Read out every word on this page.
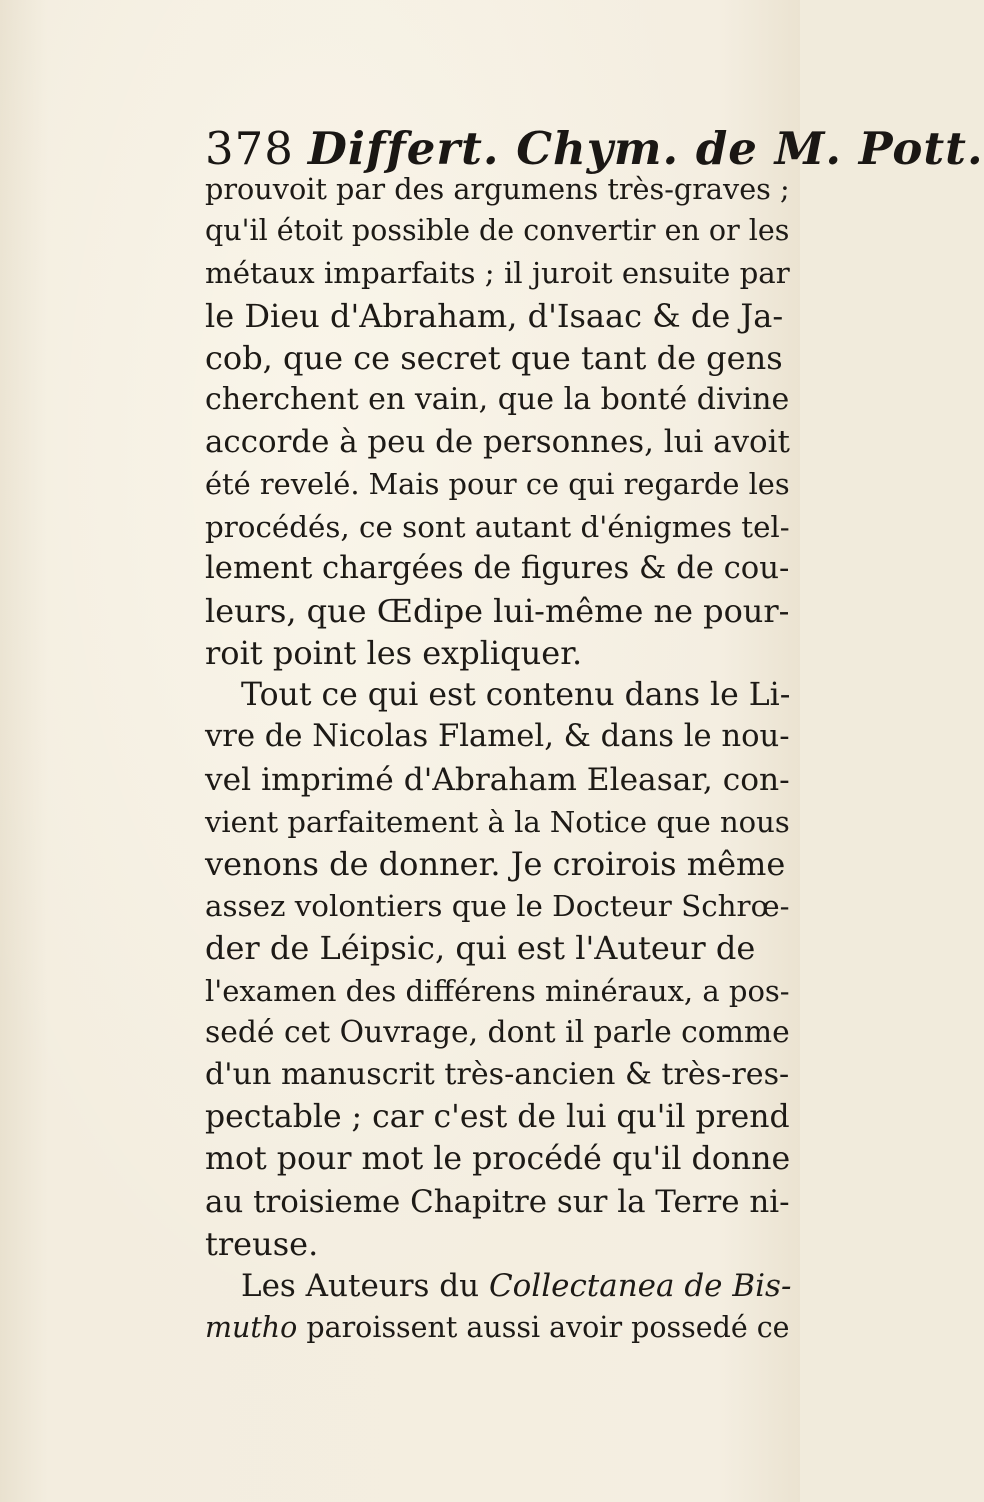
378 Differt. Chym. de M. Pott.
prouvoit par des argumens très-graves ;
qu'il étoit possible de convertir en or les
métaux imparfaits ; il juroit ensuite par
le Dieu d'Abraham, d'Isaac & de Ja-
cob, que ce secret que tant de gens
cherchent en vain, que la bonté divine
accorde à peu de personnes, lui avoit
été revelé. Mais pour ce qui regarde les
procédés, ce sont autant d'énigmes tel-
lement chargées de figures & de cou-
leurs, que Œdipe lui-même ne pour-
roit point les expliquer.
Tout ce qui est contenu dans le Li-
vre de Nicolas Flamel, & dans le nou-
vel imprimé d'Abraham Eleasar, con-
vient parfaitement à la Notice que nous
venons de donner. Je croirois même
assez volontiers que le Docteur Schrœ-
der de Léipsic, qui est l'Auteur de
l'examen des différens minéraux, a pos-
sedé cet Ouvrage, dont il parle comme
d'un manuscrit très-ancien & très-res-
pectable ; car c'est de lui qu'il prend
mot pour mot le procédé qu'il donne
au troisieme Chapitre sur la Terre ni-
treuse.
Les Auteurs du Collectanea de Bis-
mutho paroissent aussi avoir possedé ce
